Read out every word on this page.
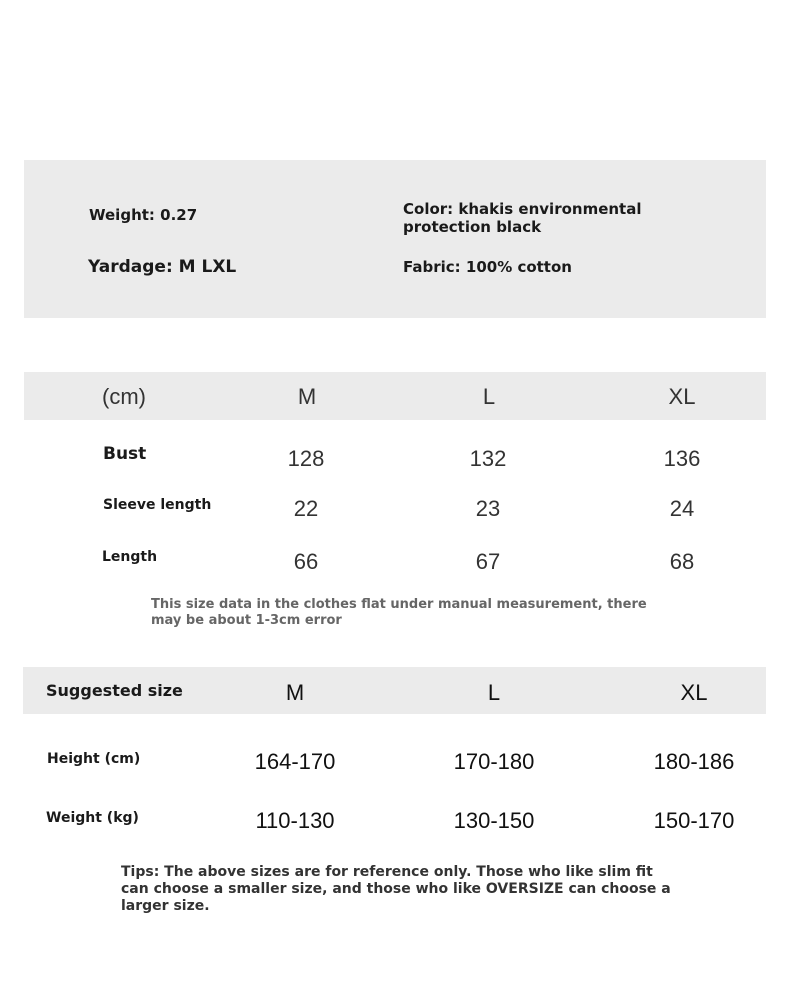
Weight: 0.27
Yardage: M LXL
Color: khakis environmental protection black
Fabric: 100% cotton
(cm)	M	L	XL
Bust	128	132	136
Sleeve length	22	23	24
Length	66	67	68
This size data in the clothes flat under manual measurement, there may be about 1-3cm error
Suggested size	M	L	XL
Height (cm)	164-170	170-180	180-186
Weight (kg)	110-130	130-150	150-170
Tips: The above sizes are for reference only. Those who like slim fit can choose a smaller size, and those who like OVERSIZE can choose a larger size.
